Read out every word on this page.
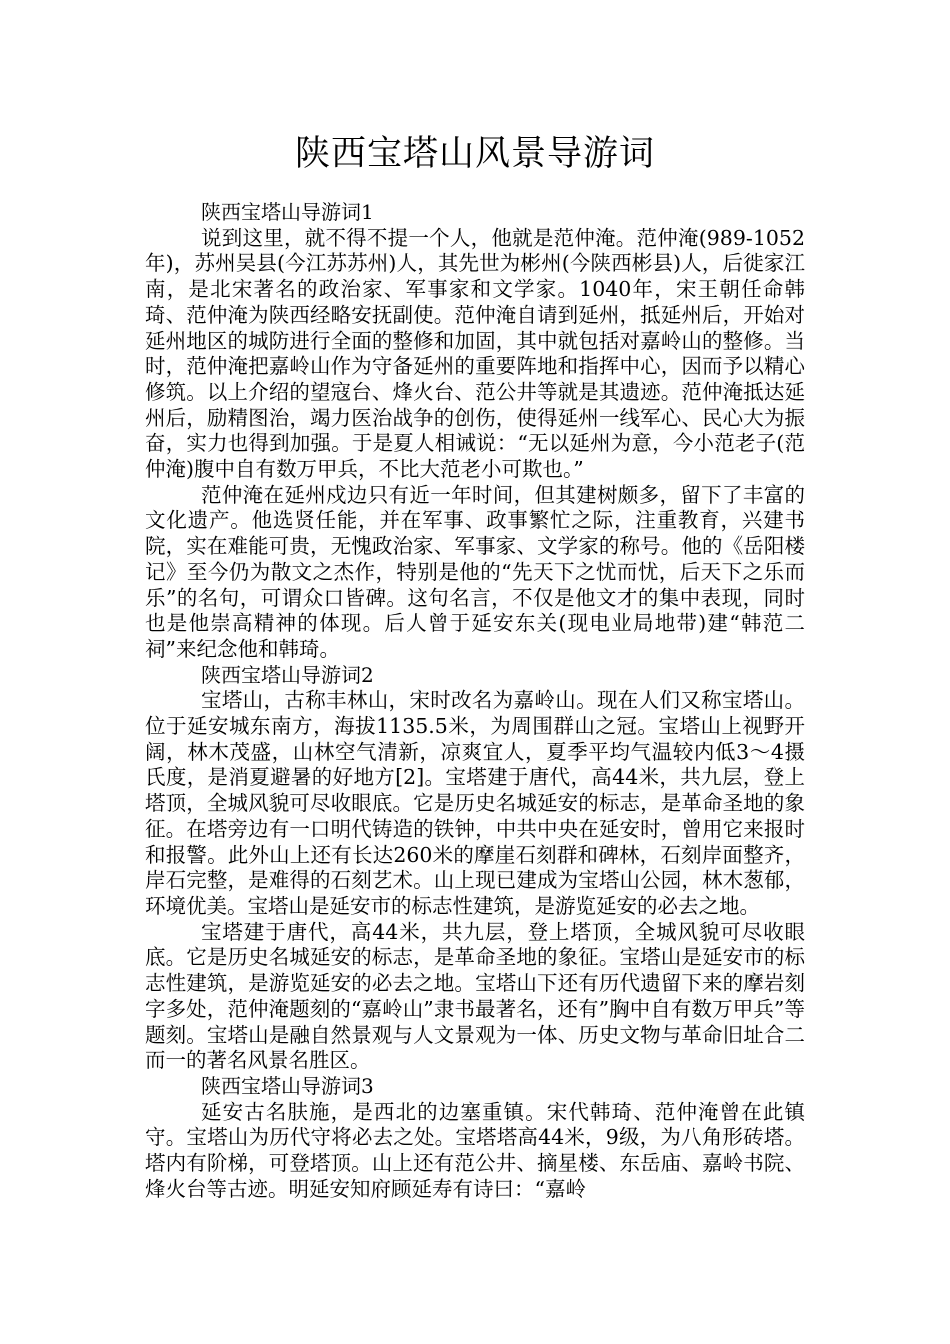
陕西宝塔山风景导游词

陕西宝塔山导游词1

说到这里，就不得不提一个人，他就是范仲淹。范仲淹(989-1052年)，苏州吴县(今江苏苏州)人，其先世为彬州(今陕西彬县)人，后徙家江南，是北宋著名的政治家、军事家和文学家。1040年，宋王朝任命韩琦、范仲淹为陕西经略安抚副使。范仲淹自请到延州，抵延州后，开始对延州地区的城防进行全面的整修和加固，其中就包括对嘉岭山的整修。当时，范仲淹把嘉岭山作为守备延州的重要阵地和指挥中心，因而予以精心修筑。以上介绍的望寇台、烽火台、范公井等就是其遗迹。范仲淹抵达延州后，励精图治，竭力医治战争的创伤，使得延州一线军心、民心大为振奋，实力也得到加强。于是夏人相诫说：“无以延州为意，今小范老子(范仲淹)腹中自有数万甲兵，不比大范老小可欺也。”

范仲淹在延州戍边只有近一年时间，但其建树颇多，留下了丰富的文化遗产。他选贤任能，并在军事、政事繁忙之际，注重教育，兴建书院，实在难能可贵，无愧政治家、军事家、文学家的称号。他的《岳阳楼记》至今仍为散文之杰作，特别是他的“先天下之忧而忧，后天下之乐而乐”的名句，可谓众口皆碑。这句名言，不仅是他文才的集中表现，同时也是他崇高精神的体现。后人曾于延安东关(现电业局地带)建“韩范二祠”来纪念他和韩琦。

陕西宝塔山导游词2

宝塔山，古称丰林山，宋时改名为嘉岭山。现在人们又称宝塔山。位于延安城东南方，海拔1135.5米，为周围群山之冠。宝塔山上视野开阔，林木茂盛，山林空气清新，凉爽宜人，夏季平均气温较内低3～4摄氏度，是消夏避暑的好地方[2]。宝塔建于唐代，高44米，共九层，登上塔顶，全城风貌可尽收眼底。它是历史名城延安的标志，是革命圣地的象征。在塔旁边有一口明代铸造的铁钟，中共中央在延安时，曾用它来报时和报警。此外山上还有长达260米的摩崖石刻群和碑林，石刻岸面整齐，岸石完整，是难得的石刻艺术。山上现已建成为宝塔山公园，林木葱郁，环境优美。宝塔山是延安市的标志性建筑，是游览延安的必去之地。

宝塔建于唐代，高44米，共九层，登上塔顶，全城风貌可尽收眼底。它是历史名城延安的标志，是革命圣地的象征。宝塔山是延安市的标志性建筑，是游览延安的必去之地。宝塔山下还有历代遗留下来的摩岩刻字多处，范仲淹题刻的“嘉岭山”隶书最著名，还有”胸中自有数万甲兵”等题刻。宝塔山是融自然景观与人文景观为一体、历史文物与革命旧址合二而一的著名风景名胜区。

陕西宝塔山导游词3

延安古名肤施，是西北的边塞重镇。宋代韩琦、范仲淹曾在此镇守。宝塔山为历代守将必去之处。宝塔塔高44米，9级，为八角形砖塔。塔内有阶梯，可登塔顶。山上还有范公井、摘星楼、东岳庙、嘉岭书院、烽火台等古迹。明延安知府顾延寿有诗曰：“嘉岭
